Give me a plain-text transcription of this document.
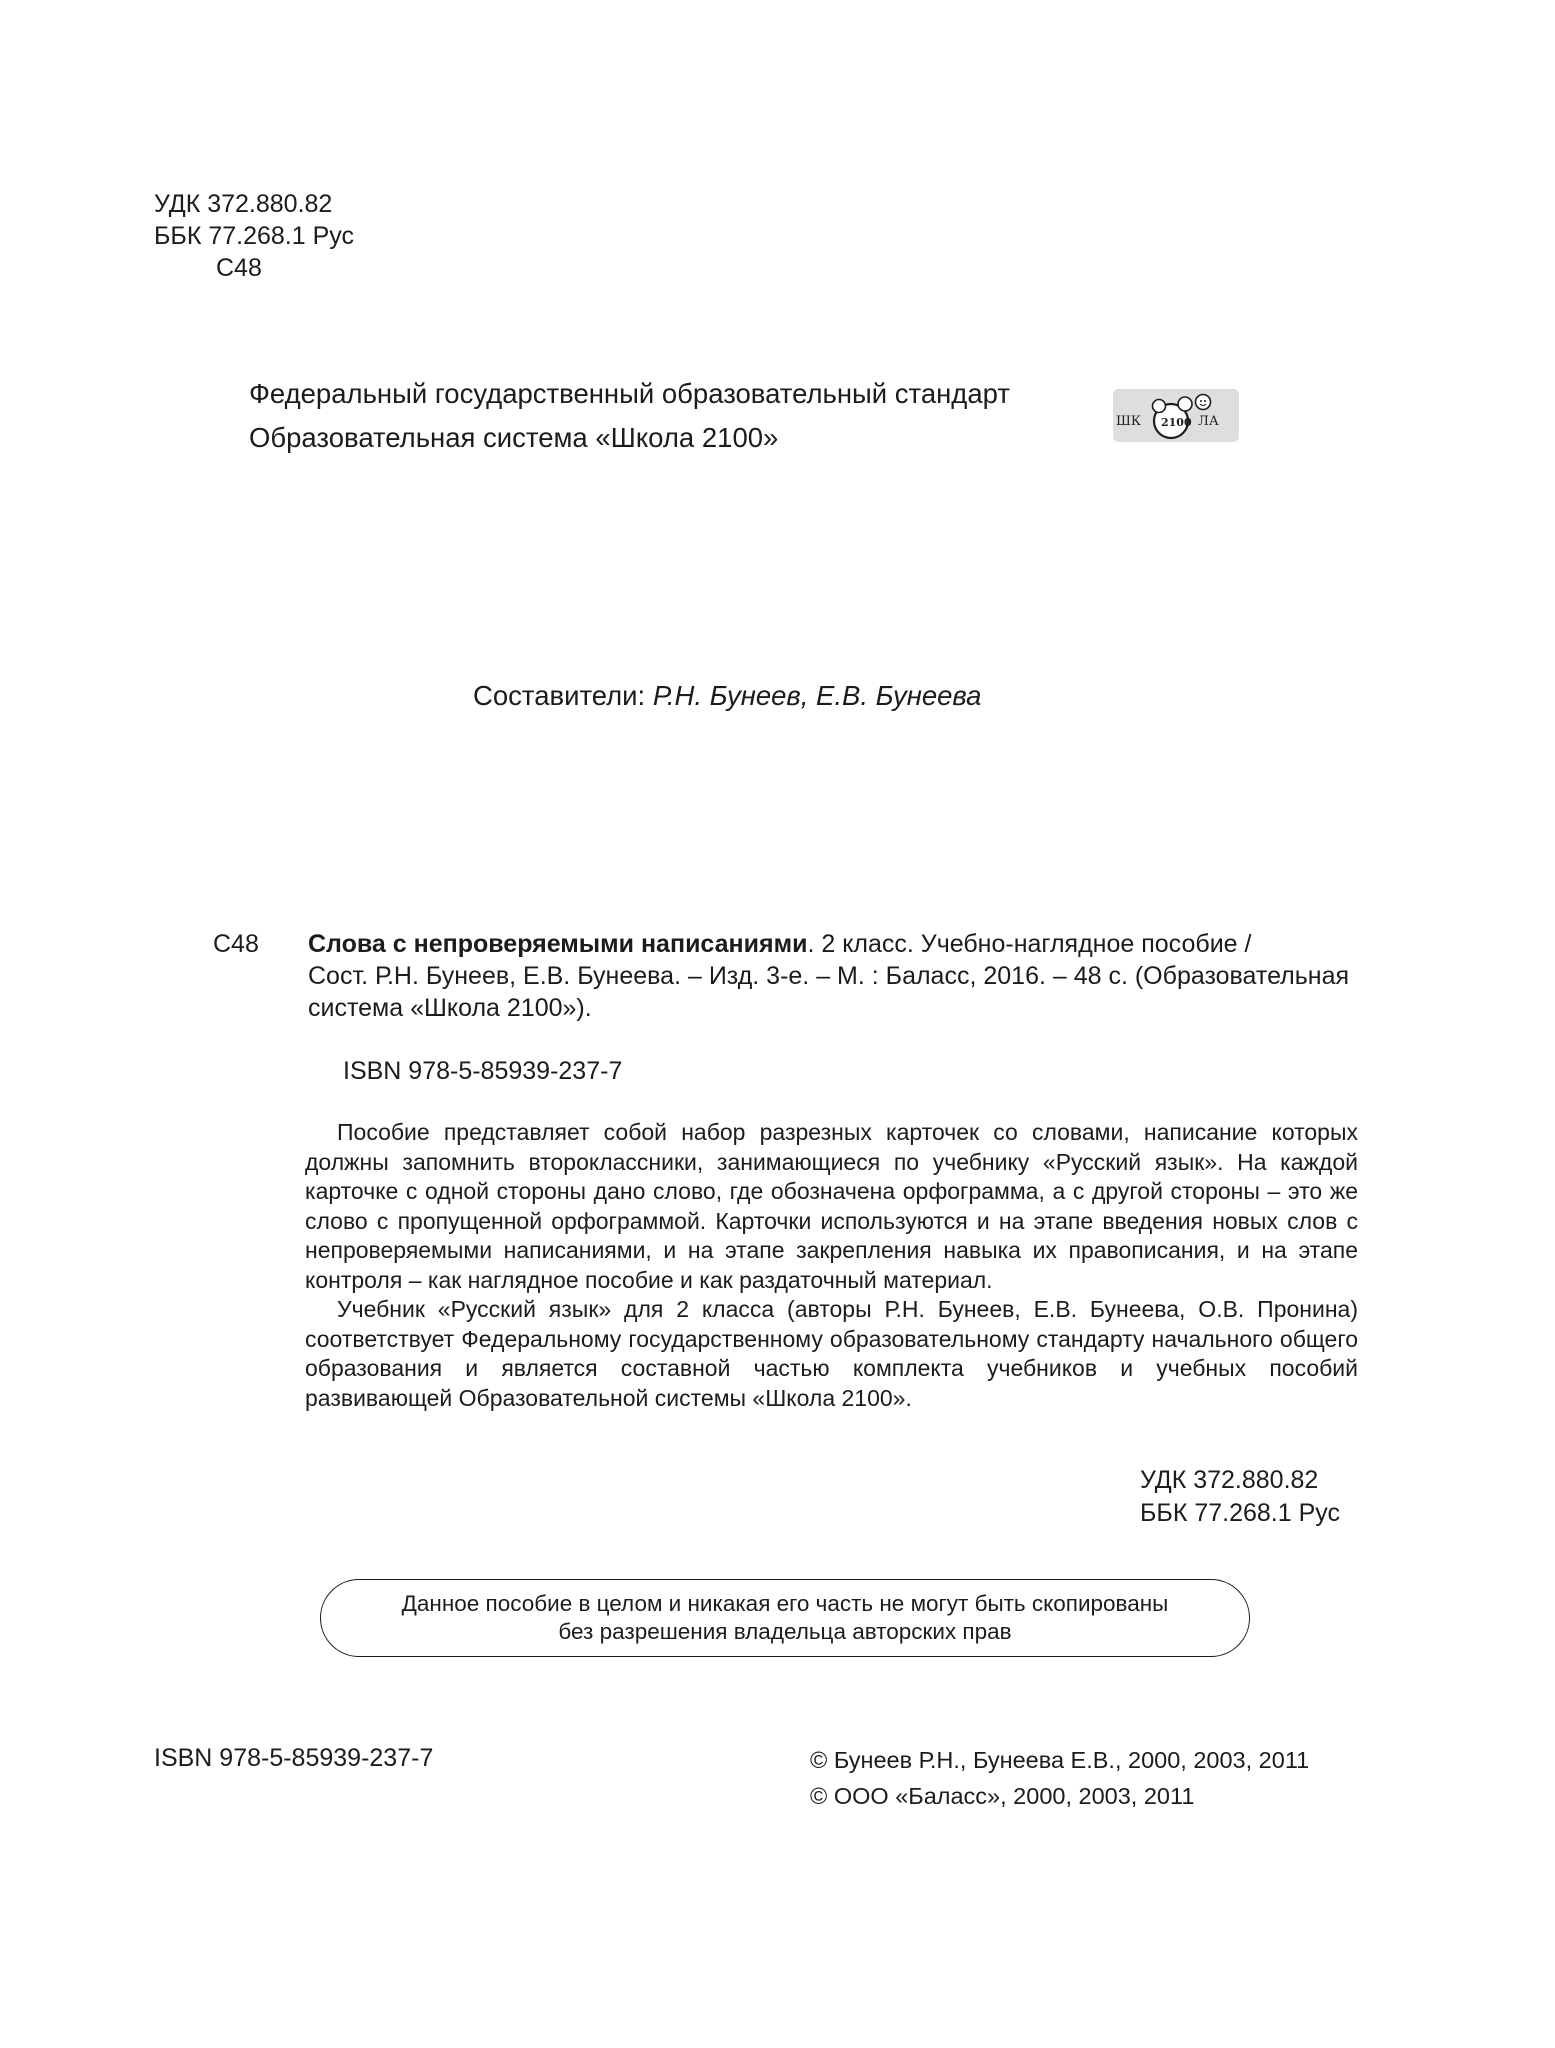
УДК 372.880.82
ББК 77.268.1 Рус
С48
Федеральный государственный образовательный стандарт
Образовательная система «Школа 2100»
ШК 2100 ЛА
Составители: Р.Н. Бунеев, Е.В. Бунеева
С48 Слова с непроверяемыми написаниями. 2 класс. Учебно-наглядное пособие /
Сост. Р.Н. Бунеев, Е.В. Бунеева. – Изд. 3-е. – М. : Баласс, 2016. – 48 с. (Образовательная
система «Школа 2100»).
ISBN 978-5-85939-237-7

Пособие представляет собой набор разрезных карточек со словами, написание которых должны запомнить второклассники, занимающиеся по учебнику «Русский язык». На каждой карточке с одной стороны дано слово, где обозначена орфограмма, а с другой стороны – это же слово с пропущенной орфограммой. Карточки используются и на этапе введения новых слов с непроверяемыми написаниями, и на этапе закрепления навыка их правописания, и на этапе контроля – как наглядное пособие и как раздаточный материал.

Учебник «Русский язык» для 2 класса (авторы Р.Н. Бунеев, Е.В. Бунеева, О.В. Пронина) соответствует Федеральному государственному образовательному стандарту начального общего образования и является составной частью комплекта учебников и учебных пособий развивающей Образовательной системы «Школа 2100».

УДК 372.880.82
ББК 77.268.1 Рус
Данное пособие в целом и никакая его часть не могут быть скопированы
без разрешения владельца авторских прав
ISBN 978-5-85939-237-7	© Бунеев Р.Н., Бунеева Е.В., 2000, 2003, 2011
© ООО «Баласс», 2000, 2003, 2011
